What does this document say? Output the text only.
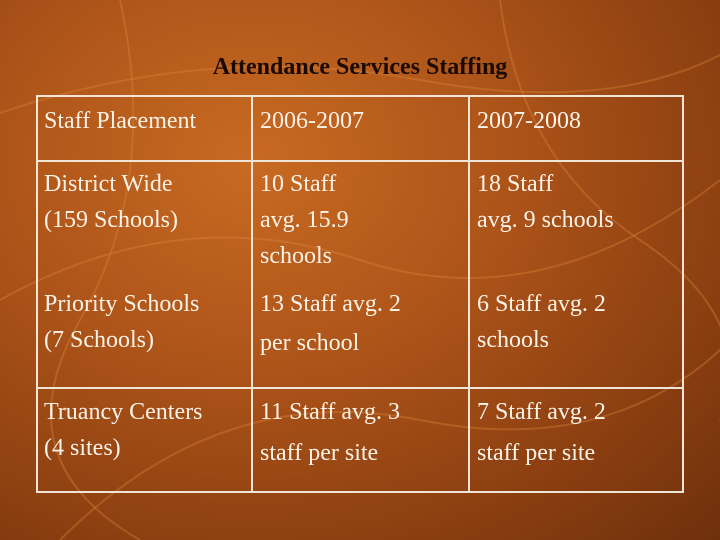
Attendance Services Staffing
Staff Placement	2006-2007	2007-2008
District Wide
(159 Schools)
10 Staff
avg. 15.9
schools
18 Staff
avg. 9 schools
Priority Schools
(7 Schools)
13 Staff avg. 2
per school
6 Staff avg. 2
schools
Truancy Centers
(4 sites)
11 Staff avg. 3
staff per site
7 Staff avg. 2
staff per site
